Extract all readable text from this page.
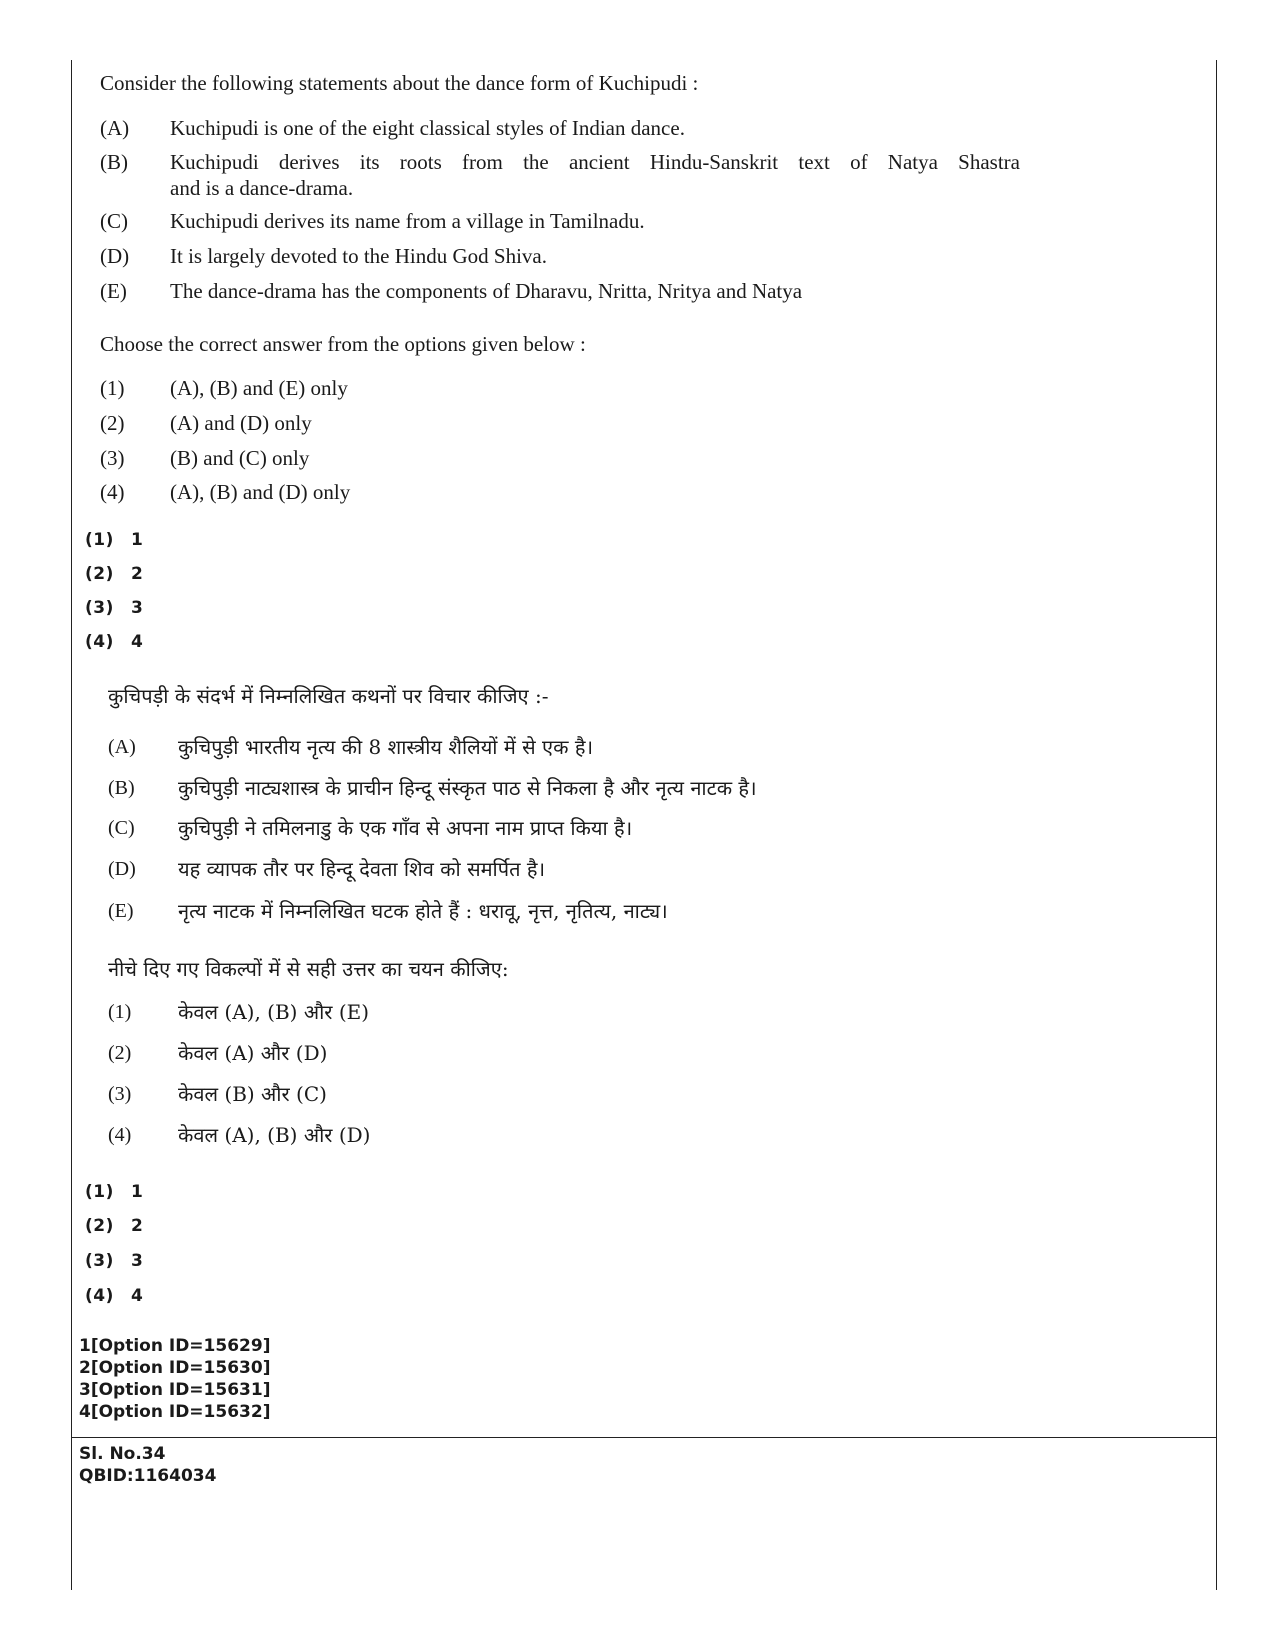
Consider the following statements about the dance form of Kuchipudi :
(A)	Kuchipudi is one of the eight classical styles of Indian dance.
(B)	Kuchipudi derives its roots from the ancient Hindu-Sanskrit text of Natya Shastra
and is a dance-drama.
(C)	Kuchipudi derives its name from a village in Tamilnadu.
(D)	It is largely devoted to the Hindu God Shiva.
(E)	The dance-drama has the components of Dharavu, Nritta, Nritya and Natya
Choose the correct answer from the options given below :
(1)	(A), (B) and (E) only
(2)	(A) and (D) only
(3)	(B) and (C) only
(4)	(A), (B) and (D) only
(1) 1
(2) 2
(3) 3
(4) 4
कुचिपड़ी के संदर्भ में निम्नलिखित कथनों पर विचार कीजिए :-
(A)	कुचिपुड़ी भारतीय नृत्य की 8 शास्त्रीय शैलियों में से एक है।
(B)	कुचिपुड़ी नाट्यशास्त्र के प्राचीन हिन्दू संस्कृत पाठ से निकला है और नृत्य नाटक है।
(C)	कुचिपुड़ी ने तमिलनाडु के एक गाँव से अपना नाम प्राप्त किया है।
(D)	यह व्यापक तौर पर हिन्दू देवता शिव को समर्पित है।
(E)	नृत्य नाटक में निम्नलिखित घटक होते हैं : धरावू, नृत्त, नृतित्य, नाट्य।
नीचे दिए गए विकल्पों में से सही उत्तर का चयन कीजिए:
(1)	केवल (A), (B) और (E)
(2)	केवल (A) और (D)
(3)	केवल (B) और (C)
(4)	केवल (A), (B) और (D)
(1) 1
(2) 2
(3) 3
(4) 4
1[Option ID=15629]
2[Option ID=15630]
3[Option ID=15631]
4[Option ID=15632]
Sl. No.34
QBID:1164034
